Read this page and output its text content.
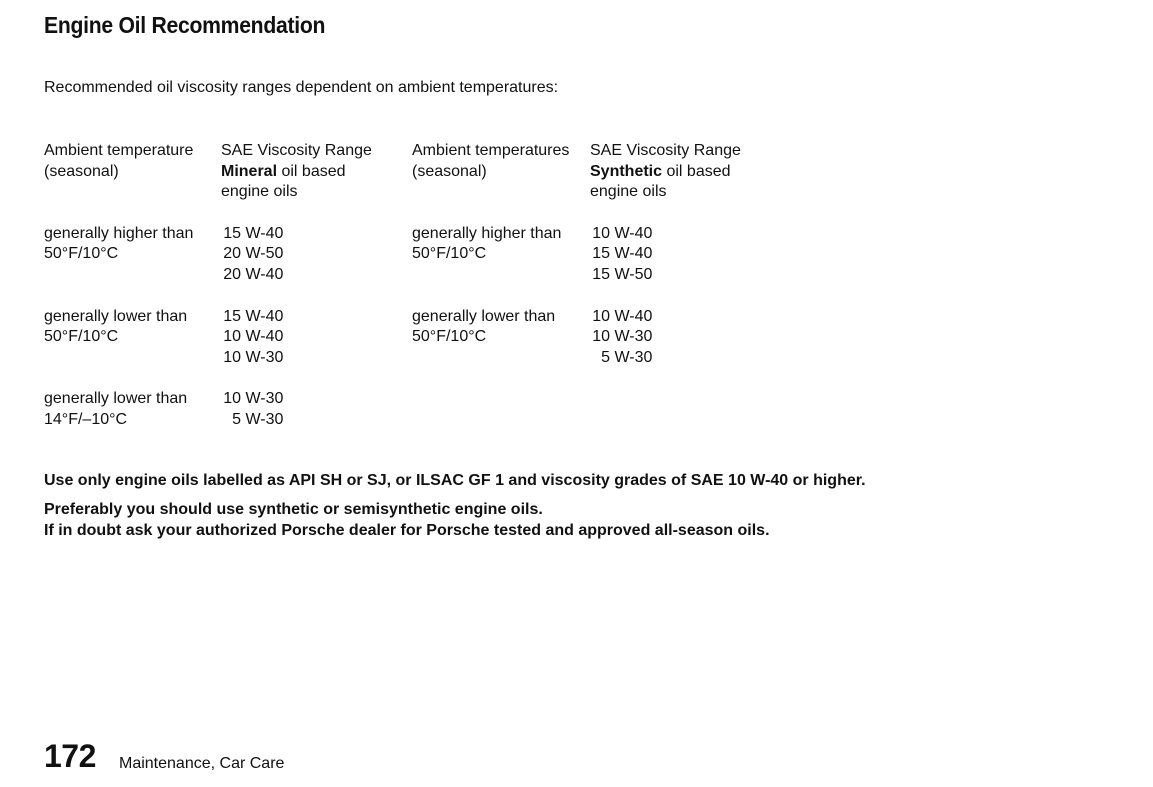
Engine Oil Recommendation
Recommended oil viscosity ranges dependent on ambient temperatures:
Ambient temperature
(seasonal)
generally higher than
50°F/10°C
generally lower than
50°F/10°C
generally lower than
14°F/–10°C
SAE Viscosity Range
Mineral oil based
engine oils
15 W-40
20 W-50
20 W-40
15 W-40
10 W-40
10 W-30
10 W-30
5 W-30
Ambient temperatures
(seasonal)
generally higher than
50°F/10°C
generally lower than
50°F/10°C
SAE Viscosity Range
Synthetic oil based
engine oils
10 W-40
15 W-40
15 W-50
10 W-40
10 W-30
5 W-30
Use only engine oils labelled as API SH or SJ, or ILSAC GF 1 and viscosity grades of SAE 10 W-40 or higher.
Preferably you should use synthetic or semisynthetic engine oils.
If in doubt ask your authorized Porsche dealer for Porsche tested and approved all-season oils.
172 Maintenance, Car Care
